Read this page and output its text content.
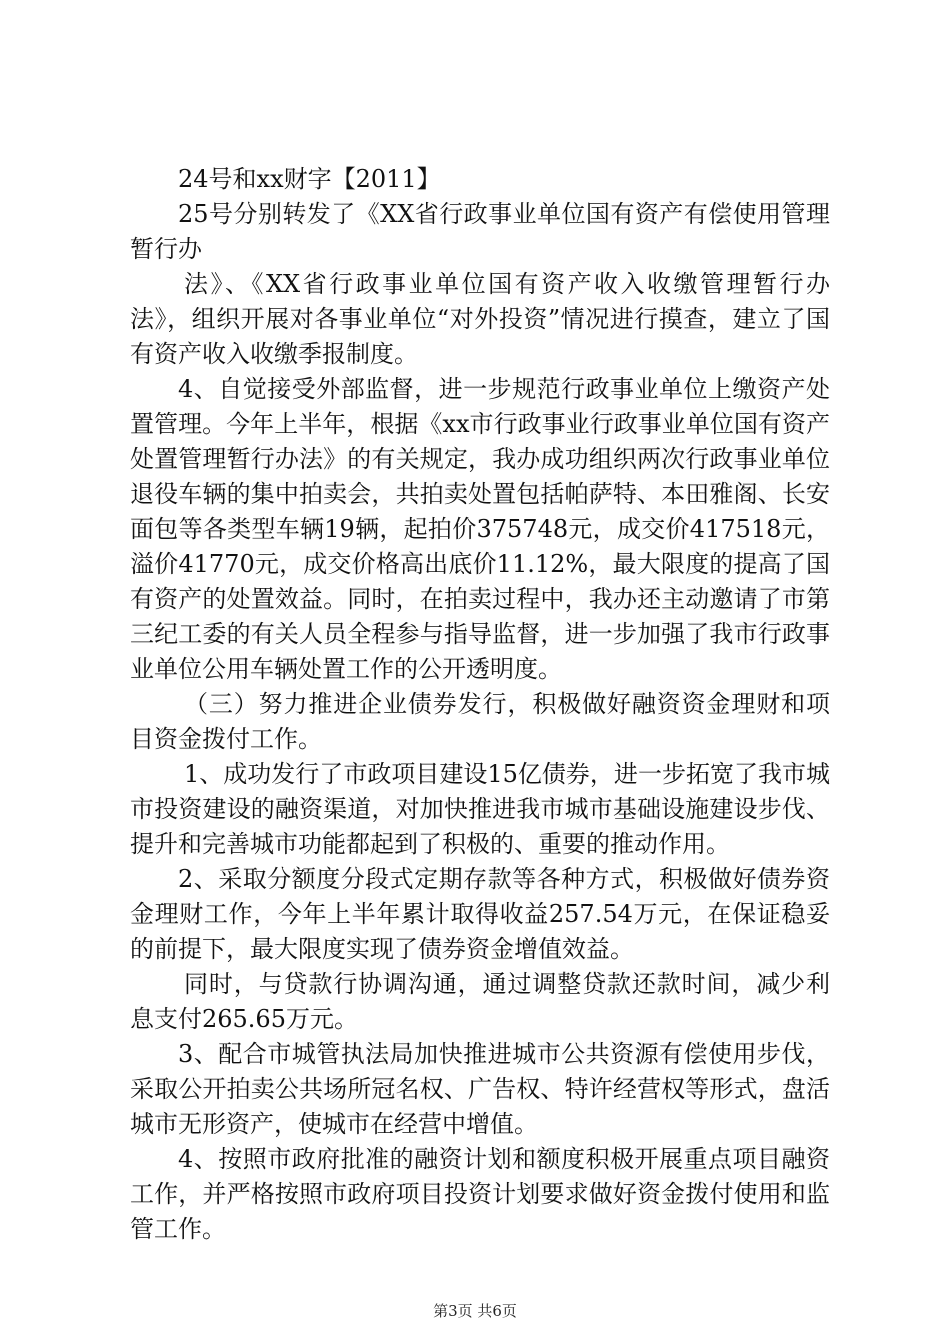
24号和xx财字【2011】

25号分别转发了《XX省行政事业单位国有资产有偿使用管理暂行办

法》、《XX省行政事业单位国有资产收入收缴管理暂行办法》，组织开展对各事业单位“对外投资”情况进行摸查，建立了国有资产收入收缴季报制度。

4、自觉接受外部监督，进一步规范行政事业单位上缴资产处置管理。今年上半年，根据《xx市行政事业行政事业单位国有资产处置管理暂行办法》的有关规定，我办成功组织两次行政事业单位退役车辆的集中拍卖会，共拍卖处置包括帕萨特、本田雅阁、长安面包等各类型车辆19辆，起拍价375748元，成交价417518元，溢价41770元，成交价格高出底价11.12%，最大限度的提高了国有资产的处置效益。同时，在拍卖过程中，我办还主动邀请了市第三纪工委的有关人员全程参与指导监督，进一步加强了我市行政事业单位公用车辆处置工作的公开透明度。

（三）努力推进企业债券发行，积极做好融资资金理财和项目资金拨付工作。

1、成功发行了市政项目建设15亿债券，进一步拓宽了我市城市投资建设的融资渠道，对加快推进我市城市基础设施建设步伐、提升和完善城市功能都起到了积极的、重要的推动作用。

2、采取分额度分段式定期存款等各种方式，积极做好债券资金理财工作，今年上半年累计取得收益257.54万元，在保证稳妥的前提下，最大限度实现了债券资金增值效益。

同时，与贷款行协调沟通，通过调整贷款还款时间，减少利息支付265.65万元。

3、配合市城管执法局加快推进城市公共资源有偿使用步伐，采取公开拍卖公共场所冠名权、广告权、特许经营权等形式，盘活城市无形资产，使城市在经营中增值。

4、按照市政府批准的融资计划和额度积极开展重点项目融资工作，并严格按照市政府项目投资计划要求做好资金拨付使用和监管工作。

第3页 共6页
